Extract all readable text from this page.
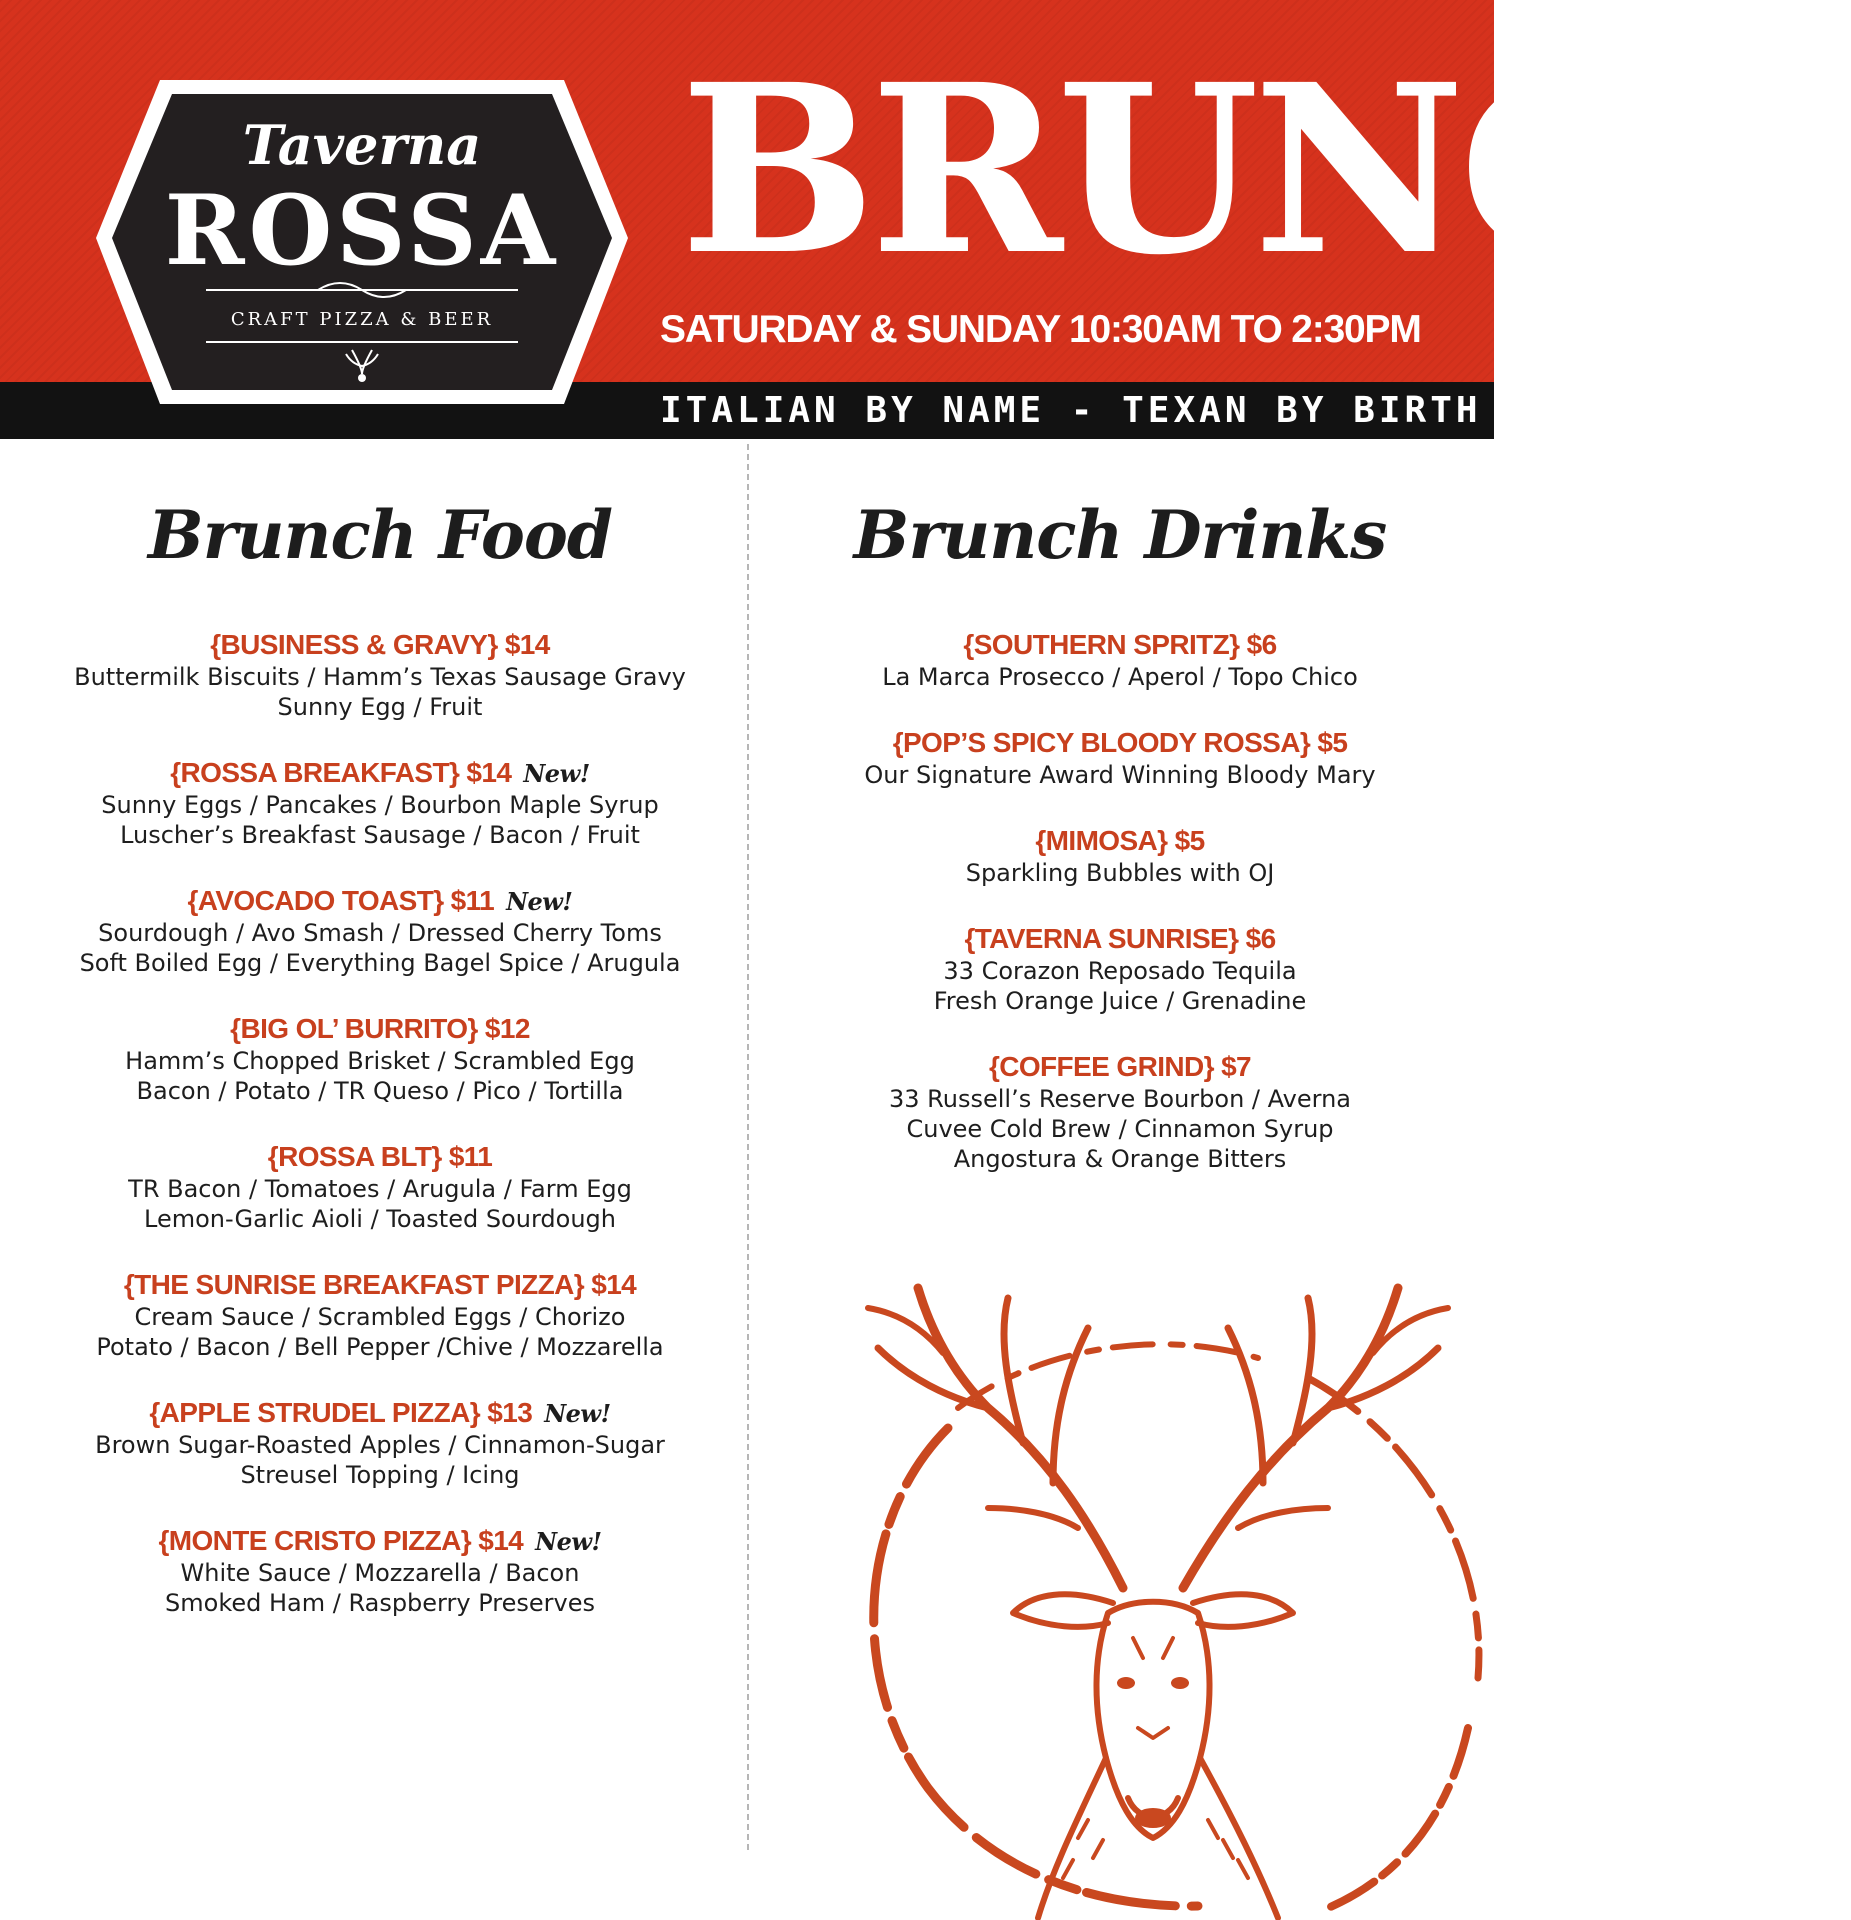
Taverna
ROSSA
CRAFT PIZZA & BEER
BRUNCH
SATURDAY & SUNDAY 10:30AM TO 2:30PM
ITALIAN BY NAME - TEXAN BY BIRTH
Brunch Food
{BUSINESS & GRAVY} $14
Buttermilk Biscuits / Hamm’s Texas Sausage Gravy
Sunny Egg / Fruit
{ROSSA BREAKFAST} $14 New!
Sunny Eggs / Pancakes / Bourbon Maple Syrup
Luscher’s Breakfast Sausage / Bacon / Fruit
{AVOCADO TOAST} $11 New!
Sourdough / Avo Smash / Dressed Cherry Toms
Soft Boiled Egg / Everything Bagel Spice / Arugula
{BIG OL’ BURRITO} $12
Hamm’s Chopped Brisket / Scrambled Egg
Bacon / Potato / TR Queso / Pico / Tortilla
{ROSSA BLT} $11
TR Bacon / Tomatoes / Arugula / Farm Egg
Lemon-Garlic Aioli / Toasted Sourdough
{THE SUNRISE BREAKFAST PIZZA} $14
Cream Sauce / Scrambled Eggs / Chorizo
Potato / Bacon / Bell Pepper /Chive / Mozzarella
{APPLE STRUDEL PIZZA} $13 New!
Brown Sugar-Roasted Apples / Cinnamon-Sugar
Streusel Topping / Icing
{MONTE CRISTO PIZZA} $14 New!
White Sauce / Mozzarella / Bacon
Smoked Ham / Raspberry Preserves
Brunch Drinks
{SOUTHERN SPRITZ} $6
La Marca Prosecco / Aperol / Topo Chico
{POP’S SPICY BLOODY ROSSA} $5
Our Signature Award Winning Bloody Mary
{MIMOSA} $5
Sparkling Bubbles with OJ
{TAVERNA SUNRISE} $6
33 Corazon Reposado Tequila
Fresh Orange Juice / Grenadine
{COFFEE GRIND} $7
33 Russell’s Reserve Bourbon / Averna
Cuvee Cold Brew / Cinnamon Syrup
Angostura & Orange Bitters
